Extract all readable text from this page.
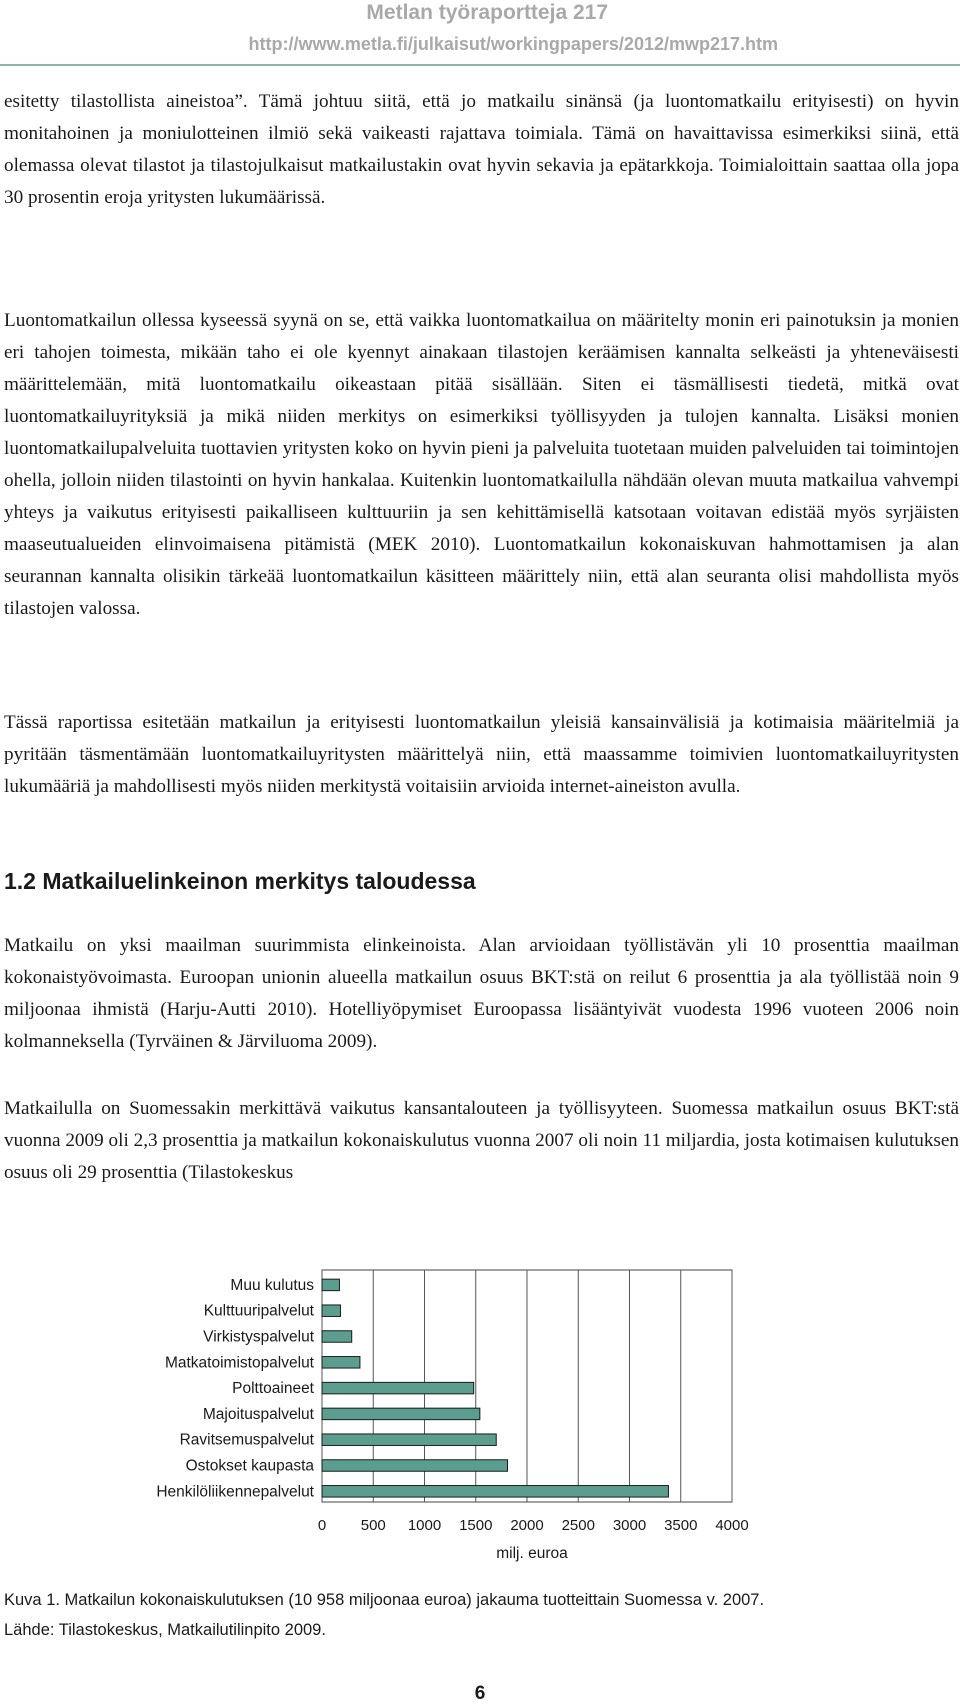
Metlan työraportteja 217
http://www.metla.fi/julkaisut/workingpapers/2012/mwp217.htm

esitetty tilastollista aineistoa”. Tämä johtuu siitä, että jo matkailu sinänsä (ja luontomatkailu erityisesti) on hyvin monitahoinen ja moniulotteinen ilmiö sekä vaikeasti rajattava toimiala. Tämä on havaittavissa esimerkiksi siinä, että olemassa olevat tilastot ja tilastojulkaisut matkailustakin ovat hyvin sekavia ja epätarkkoja. Toimialoittain saattaa olla jopa 30 prosentin eroja yritysten lukumäärissä.

Luontomatkailun ollessa kyseessä syynä on se, että vaikka luontomatkailua on määritelty monin eri painotuksin ja monien eri tahojen toimesta, mikään taho ei ole kyennyt ainakaan tilastojen keräämisen kannalta selkeästi ja yhteneväisesti määrittelemään, mitä luontomatkailu oikeastaan pitää sisällään. Siten ei täsmällisesti tiedetä, mitkä ovat luontomatkailuyrityksiä ja mikä niiden merkitys on esimerkiksi työllisyyden ja tulojen kannalta. Lisäksi monien luontomatkailupalveluita tuottavien yritysten koko on hyvin pieni ja palveluita tuotetaan muiden palveluiden tai toimintojen ohella, jolloin niiden tilastointi on hyvin hankalaa. Kuitenkin luontomatkailulla nähdään olevan muuta matkailua vahvempi yhteys ja vaikutus erityisesti paikalliseen kulttuuriin ja sen kehittämisellä katsotaan voitavan edistää myös syrjäisten maaseutualueiden elinvoimaisena pitämistä (MEK 2010). Luontomatkailun kokonaiskuvan hahmottamisen ja alan seurannan kannalta olisikin tärkeää luontomatkailun käsitteen määrittely niin, että alan seuranta olisi mahdollista myös tilastojen valossa.

Tässä raportissa esitetään matkailun ja erityisesti luontomatkailun yleisiä kansainvälisiä ja kotimaisia määritelmiä ja pyritään täsmentämään luontomatkailuyritysten määrittelyä niin, että maassamme toimivien luontomatkailuyritysten lukumääriä ja mahdollisesti myös niiden merkitystä voitaisiin arvioida internet-aineiston avulla.

1.2 Matkailuelinkeinon merkitys taloudessa

Matkailu on yksi maailman suurimmista elinkeinoista. Alan arvioidaan työllistävän yli 10 prosenttia maailman kokonaistyövoimasta. Euroopan unionin alueella matkailun osuus BKT:stä on reilut 6 prosenttia ja ala työllistää noin 9 miljoonaa ihmistä (Harju-Autti 2010). Hotelliyöpymiset Euroopassa lisääntyivät vuodesta 1996 vuoteen 2006 noin kolmanneksella (Tyrväinen & Järviluoma 2009).

Matkailulla on Suomessakin merkittävä vaikutus kansantalouteen ja työllisyyteen. Suomessa matkailun osuus BKT:stä vuonna 2009 oli 2,3 prosenttia ja matkailun kokonaiskulutus vuonna 2007 oli noin 11 miljardia, josta kotimaisen kulutuksen osuus oli 29 prosenttia (Tilastokeskus

Muu kulutus
Kulttuuripalvelut
Virkistyspalvelut
Matkatoimistopalvelut
Polttoaineet
Majoituspalvelut
Ravitsemuspalvelut
Ostokset kaupasta
Henkilöliikennepalvelut
0 500 1000 1500 2000 2500 3000 3500 4000
milj. euroa
Kuva 1. Matkailun kokonaiskulutuksen (10 958 miljoonaa euroa) jakauma tuotteittain Suomessa v. 2007.
Lähde: Tilastokeskus, Matkailutilinpito 2009.
6
